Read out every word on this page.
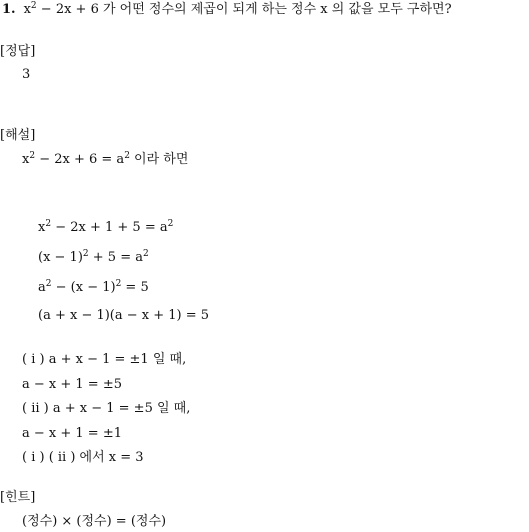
1. $x^2 - 2x + 6$ 가 어떤 정수의 제곱이 되게 하는 정수 x 의 값을 모두 구하면?
[정답]
3
[해설]
$x^2 - 2x + 6 = a^2$ 이라 하면
$x^2 - 2x + 1 + 5 = a^2$
$(x - 1)^2 + 5 = a^2$
$a^2 - (x - 1)^2 = 5$
(a + x − 1)(a − x + 1) = 5
( ⅰ ) a + x − 1 = ±1 일 때,
a − x + 1 = ±5
( ⅱ ) a + x − 1 = ±5 일 때,
a − x + 1 = ±1
( ⅰ ) ( ⅱ ) 에서 x = 3
[힌트]
(정수) × (정수) = (정수)
